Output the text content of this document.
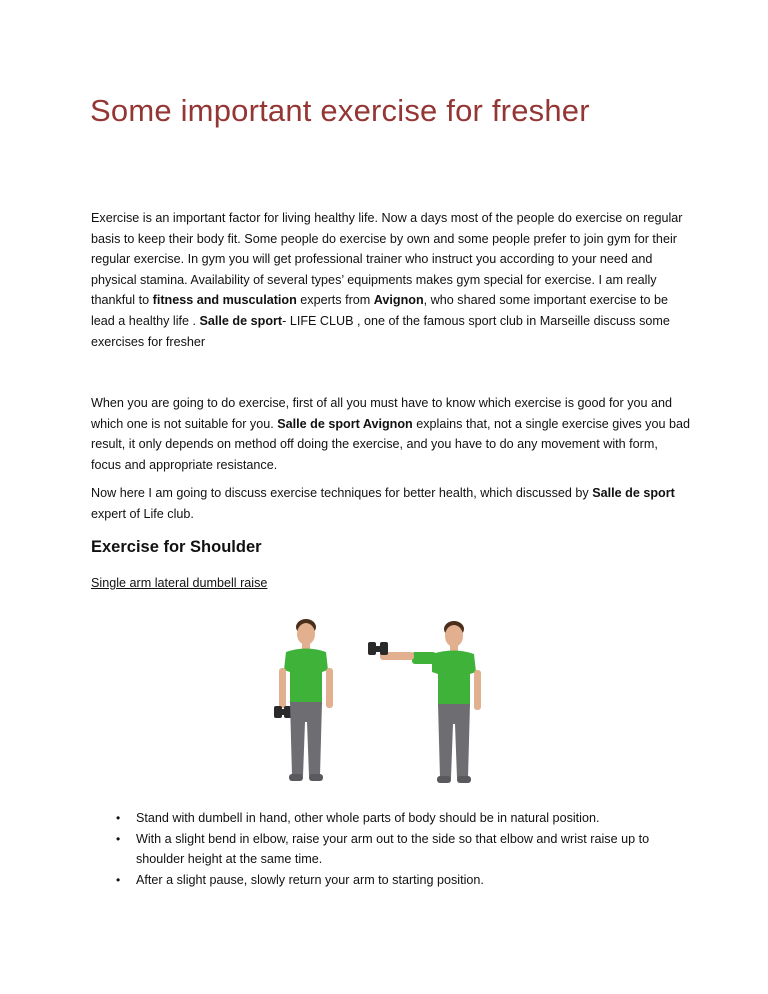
Some important exercise for fresher

Exercise is an important factor for living healthy life. Now a days most of the people do exercise on regular basis to keep their body fit. Some people do exercise by own and some people prefer to join gym for their regular exercise. In gym you will get professional trainer who instruct you according to your need and physical stamina. Availability of several types’ equipments makes gym special for exercise. I am really thankful to fitness and musculation experts from Avignon, who shared some important exercise to be lead a healthy life . Salle de sport- LIFE CLUB , one of the famous sport club in Marseille discuss some exercises for fresher

When you are going to do exercise, first of all you must have to know which exercise is good for you and which one is not suitable for you. Salle de sport Avignon explains that, not a single exercise gives you bad result, it only depends on method off doing the exercise, and you have to do any movement with form, focus and appropriate resistance.

Now here I am going to discuss exercise techniques for better health, which discussed by Salle de sport expert of Life club.

Exercise for Shoulder

Single arm lateral dumbell raise

• Stand with dumbell in hand, other whole parts of body should be in natural position.
• With a slight bend in elbow, raise your arm out to the side so that elbow and wrist raise up to shoulder height at the same time.
• After a slight pause, slowly return your arm to starting position.
